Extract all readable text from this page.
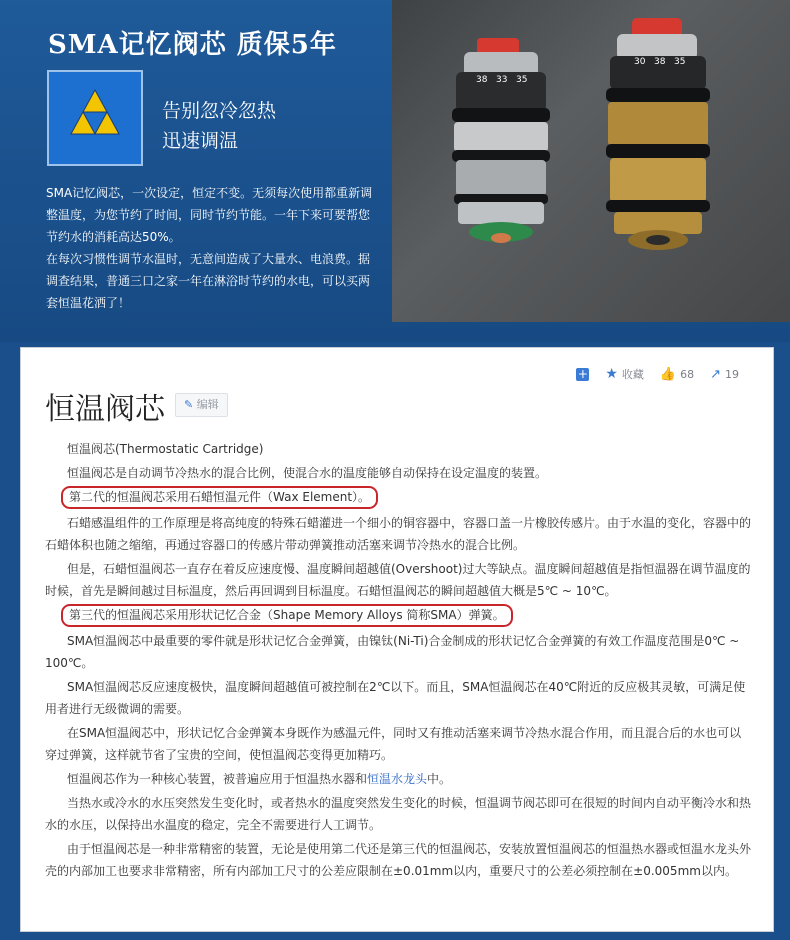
SMA记忆阀芯 质保5年
告别忽冷忽热
迅速调温

SMA记忆阀芯，一次设定，恒定不变。无须每次使用都重新调整温度，为您节约了时间，同时节约节能。一年下来可要帮您节约水的消耗高达50%。

在每次习惯性调节水温时，无意间造成了大量水、电浪费。据调查结果，普通三口之家一年在淋浴时节约的水电，可以买两套恒温花洒了！

38 33 35
30 38 35
+ ★ 收藏 👍 68 ↗ 19
恒温阀芯	✎ 编辑

恒温阀芯(Thermostatic Cartridge)

恒温阀芯是自动调节冷热水的混合比例，使混合水的温度能够自动保持在设定温度的装置。

第二代的恒温阀芯采用石蜡恒温元件（Wax Element）。

石蜡感温组件的工作原理是将高纯度的特殊石蜡灌进一个细小的铜容器中，容器口盖一片橡胶传感片。由于水温的变化，容器中的石蜡体积也随之缩缩，再通过容器口的传感片带动弹簧推动活塞来调节冷热水的混合比例。

但是，石蜡恒温阀芯一直存在着反应速度慢、温度瞬间超越值(Overshoot)过大等缺点。温度瞬间超越值是指恒温器在调节温度的时候，首先是瞬间越过目标温度，然后再回调到目标温度。石蜡恒温阀芯的瞬间超越值大概是5℃ ~ 10℃。

第三代的恒温阀芯采用形状记忆合金（Shape Memory Alloys 简称SMA）弹簧。

SMA恒温阀芯中最重要的零件就是形状记忆合金弹簧，由镍钛(Ni-Ti)合金制成的形状记忆合金弹簧的有效工作温度范围是0℃ ~ 100℃。

SMA恒温阀芯反应速度极快，温度瞬间超越值可被控制在2℃以下。而且，SMA恒温阀芯在40℃附近的反应极其灵敏，可满足使用者进行无级微调的需要。

在SMA恒温阀芯中，形状记忆合金弹簧本身既作为感温元件，同时又有推动活塞来调节冷热水混合作用，而且混合后的水也可以穿过弹簧，这样就节省了宝贵的空间，使恒温阀芯变得更加精巧。

恒温阀芯作为一种核心装置，被普遍应用于恒温热水器和恒温水龙头中。

当热水或冷水的水压突然发生变化时，或者热水的温度突然发生变化的时候，恒温调节阀芯即可在很短的时间内自动平衡冷水和热水的水压，以保持出水温度的稳定，完全不需要进行人工调节。

由于恒温阀芯是一种非常精密的装置，无论是使用第二代还是第三代的恒温阀芯，安装放置恒温阀芯的恒温热水器或恒温水龙头外壳的内部加工也要求非常精密，所有内部加工尺寸的公差应限制在±0.01mm以内，重要尺寸的公差必须控制在±0.005mm以内。
